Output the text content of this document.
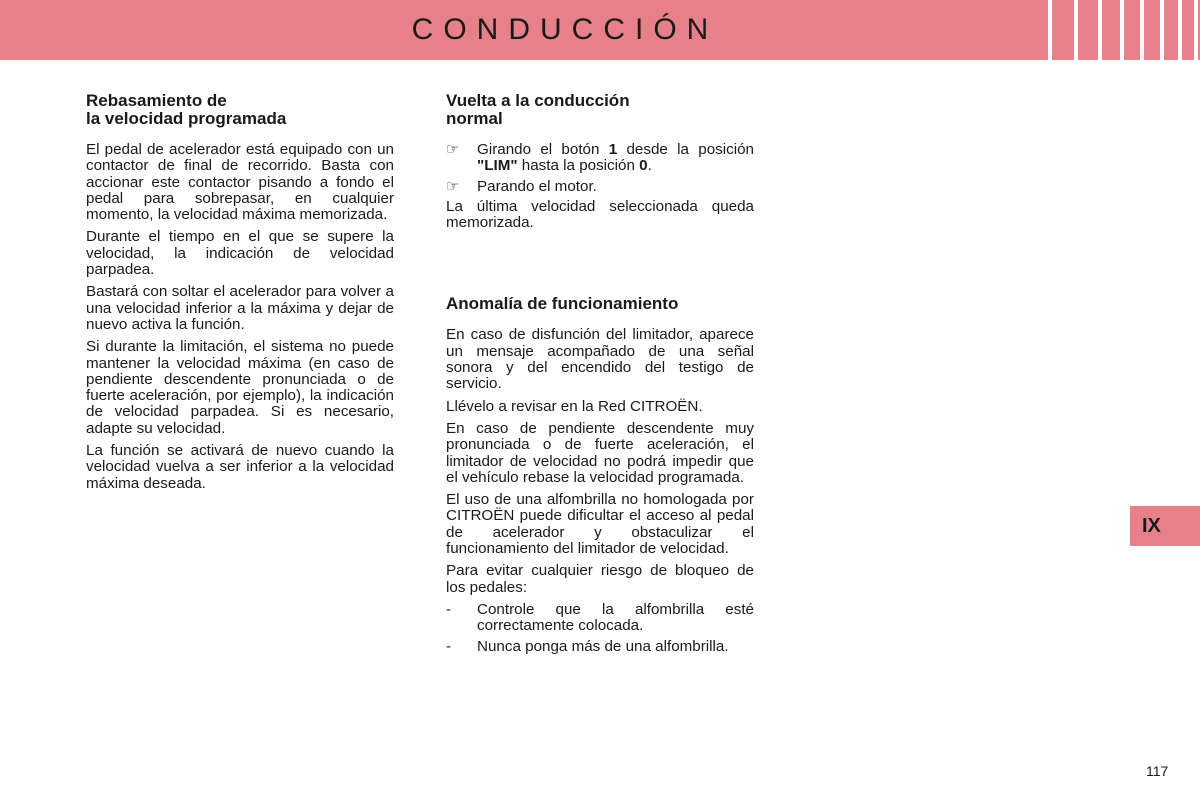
CONDUCCIÓN
Rebasamiento de
la velocidad programada

El pedal de acelerador está equipado con un contactor de final de recorrido. Basta con accionar este contactor pisando a fondo el pedal para sobrepasar, en cualquier momento, la velocidad máxima memorizada.

Durante el tiempo en el que se supere la velocidad, la indicación de velocidad parpadea.

Bastará con soltar el acelerador para volver a una velocidad inferior a la máxima y dejar de nuevo activa la función.

Si durante la limitación, el sistema no puede mantener la velocidad máxima (en caso de pendiente descendente pronunciada o de fuerte aceleración, por ejemplo), la indicación de velocidad parpadea. Si es necesario, adapte su velocidad.

La función se activará de nuevo cuando la velocidad vuelva a ser inferior a la velocidad máxima deseada.

Vuelta a la conducción
normal
☞	Girando el botón 1 desde la posición "LIM" hasta la posición 0.
☞	Parando el motor.

La última velocidad seleccionada queda memorizada.

Anomalía de funcionamiento

En caso de disfunción del limitador, aparece un mensaje acompañado de una señal sonora y del encendido del testigo de servicio.

Llévelo a revisar en la Red CITROËN.

En caso de pendiente descendente muy pronunciada o de fuerte aceleración, el limitador de velocidad no podrá impedir que el vehículo rebase la velocidad programada.

El uso de una alfombrilla no homologada por CITROËN puede dificultar el acceso al pedal de acelerador y obstaculizar el funcionamiento del limitador de velocidad.

Para evitar cualquier riesgo de bloqueo de los pedales:

-	Controle que la alfombrilla esté correctamente colocada.
-	Nunca ponga más de una alfombrilla.
IX
117
